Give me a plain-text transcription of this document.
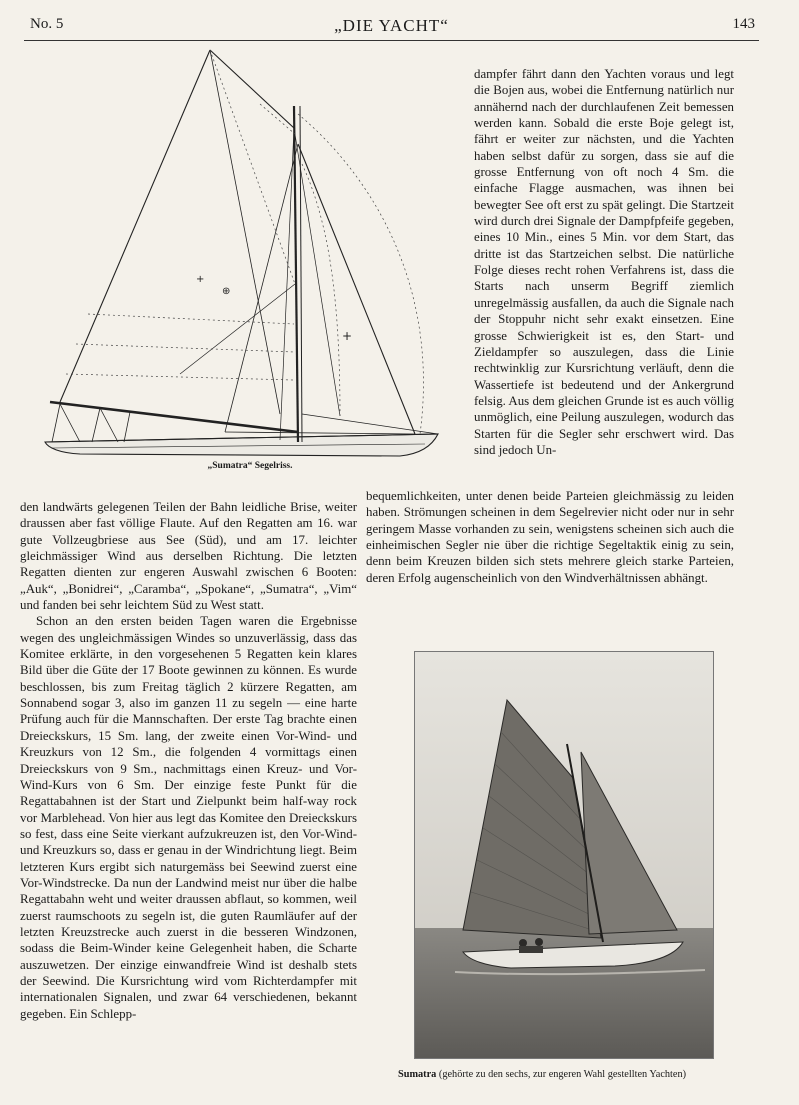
No. 5	„DIE YACHT“	143
+
⊕
+
„Sumatra“ Segelriss.

dampfer fährt dann den Yachten voraus und legt die Bojen aus, wobei die Entfernung natürlich nur annähernd nach der durchlaufenen Zeit bemessen werden kann. Sobald die erste Boje gelegt ist, fährt er weiter zur nächsten, und die Yachten haben selbst dafür zu sorgen, dass sie auf die grosse Entfernung von oft noch 4 Sm. die einfache Flagge ausmachen, was ihnen bei bewegter See oft erst zu spät gelingt. Die Startzeit wird durch drei Signale der Dampfpfeife gegeben, eines 10 Min., eines 5 Min. vor dem Start, das dritte ist das Startzeichen selbst. Die natürliche Folge dieses recht rohen Verfahrens ist, dass die Starts nach unserm Begriff ziemlich unregelmässig ausfallen, da auch die Signale nach der Stoppuhr nicht sehr exakt einsetzen. Eine grosse Schwierigkeit ist es, den Start- und Zieldampfer so auszulegen, dass die Linie rechtwinklig zur Kursrichtung verläuft, denn die Wassertiefe ist bedeutend und der Ankergrund felsig. Aus dem gleichen Grunde ist es auch völlig unmöglich, eine Peilung auszulegen, wodurch das Starten für die Segler sehr erschwert wird. Das sind jedoch Un-

den landwärts gelegenen Teilen der Bahn leidliche Brise, weiter draussen aber fast völlige Flaute. Auf den Regatten am 16. war gute Vollzeugbriese aus See (Süd), und am 17. leichter gleichmässiger Wind aus derselben Richtung. Die letzten Regatten dienten zur engeren Auswahl zwischen 6 Booten: „Auk“, „Bonidrei“, „Caramba“, „Spokane“, „Sumatra“, „Vim“ und fanden bei sehr leichtem Süd zu West statt.

Schon an den ersten beiden Tagen waren die Ergebnisse wegen des ungleichmässigen Windes so unzuverlässig, dass das Komitee erklärte, in den vorgesehenen 5 Regatten kein klares Bild über die Güte der 17 Boote gewinnen zu können. Es wurde beschlossen, bis zum Freitag täglich 2 kürzere Regatten, am Sonnabend sogar 3, also im ganzen 11 zu segeln — eine harte Prüfung auch für die Mannschaften. Der erste Tag brachte einen Dreieckskurs, 15 Sm. lang, der zweite einen Vor-Wind- und Kreuzkurs von 12 Sm., die folgenden 4 vormittags einen Dreieckskurs von 9 Sm., nachmittags einen Kreuz- und Vor-Wind-Kurs von 6 Sm. Der einzige feste Punkt für die Regattabahnen ist der Start und Zielpunkt beim half-way rock vor Marblehead. Von hier aus legt das Komitee den Dreieckskurs so fest, dass eine Seite vierkant aufzukreuzen ist, den Vor-Wind- und Kreuzkurs so, dass er genau in der Windrichtung liegt. Beim letzteren Kurs ergibt sich naturgemäss bei Seewind zuerst eine Vor-Windstrecke. Da nun der Landwind meist nur über die halbe Regattabahn weht und weiter draussen abflaut, so kommen, weil zuerst raumschoots zu segeln ist, die guten Raumläufer auf der letzten Kreuzstrecke auch zuerst in die besseren Windzonen, sodass die Beim-Winder keine Gelegenheit haben, die Scharte auszuwetzen. Der einzige einwandfreie Wind ist deshalb stets der Seewind. Die Kursrichtung wird vom Richterdampfer mit internationalen Signalen, und zwar 64 verschiedenen, bekannt gegeben. Ein Schlepp-

bequemlichkeiten, unter denen beide Parteien gleichmässig zu leiden haben. Strömungen scheinen in dem Segelrevier nicht oder nur in sehr geringem Masse vorhanden zu sein, wenigstens scheinen sich auch die einheimischen Segler nie über die richtige Segeltaktik einig zu sein, denn beim Kreuzen bilden sich stets mehrere gleich starke Parteien, deren Erfolg augenscheinlich von den Windverhältnissen abhängt.

Sumatra (gehörte zu den sechs, zur engeren Wahl gestellten Yachten)
